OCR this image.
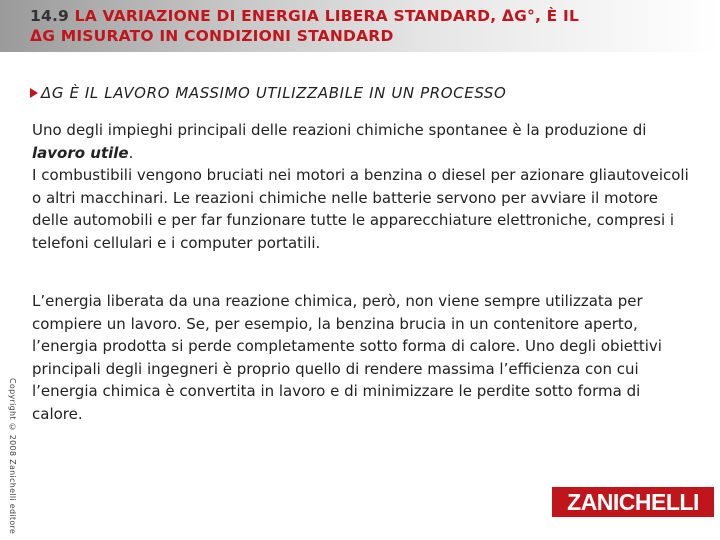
14.9 LA VARIAZIONE DI ENERGIA LIBERA STANDARD, ΔG°, È IL
ΔG MISURATO IN CONDIZIONI STANDARD
ΔG È IL LAVORO MASSIMO UTILIZZABILE IN UN PROCESSO
Uno degli impieghi principali delle reazioni chimiche spontanee è la produzione di lavoro utile.
I combustibili vengono bruciati nei motori a benzina o diesel per azionare gliautoveicoli o altri macchinari. Le reazioni chimiche nelle batterie servono per avviare il motore delle automobili e per far funzionare tutte le apparecchiature elettroniche, compresi i telefoni cellulari e i computer portatili.
L’energia liberata da una reazione chimica, però, non viene sempre utilizzata per compiere un lavoro. Se, per esempio, la benzina brucia in un contenitore aperto, l’energia prodotta si perde completamente sotto forma di calore. Uno degli obiettivi principali degli ingegneri è proprio quello di rendere massima l’efficienza con cui l’energia chimica è convertita in lavoro e di minimizzare le perdite sotto forma di calore.
Copyright © 2008 Zanichelli editore	ZANICHELLI
